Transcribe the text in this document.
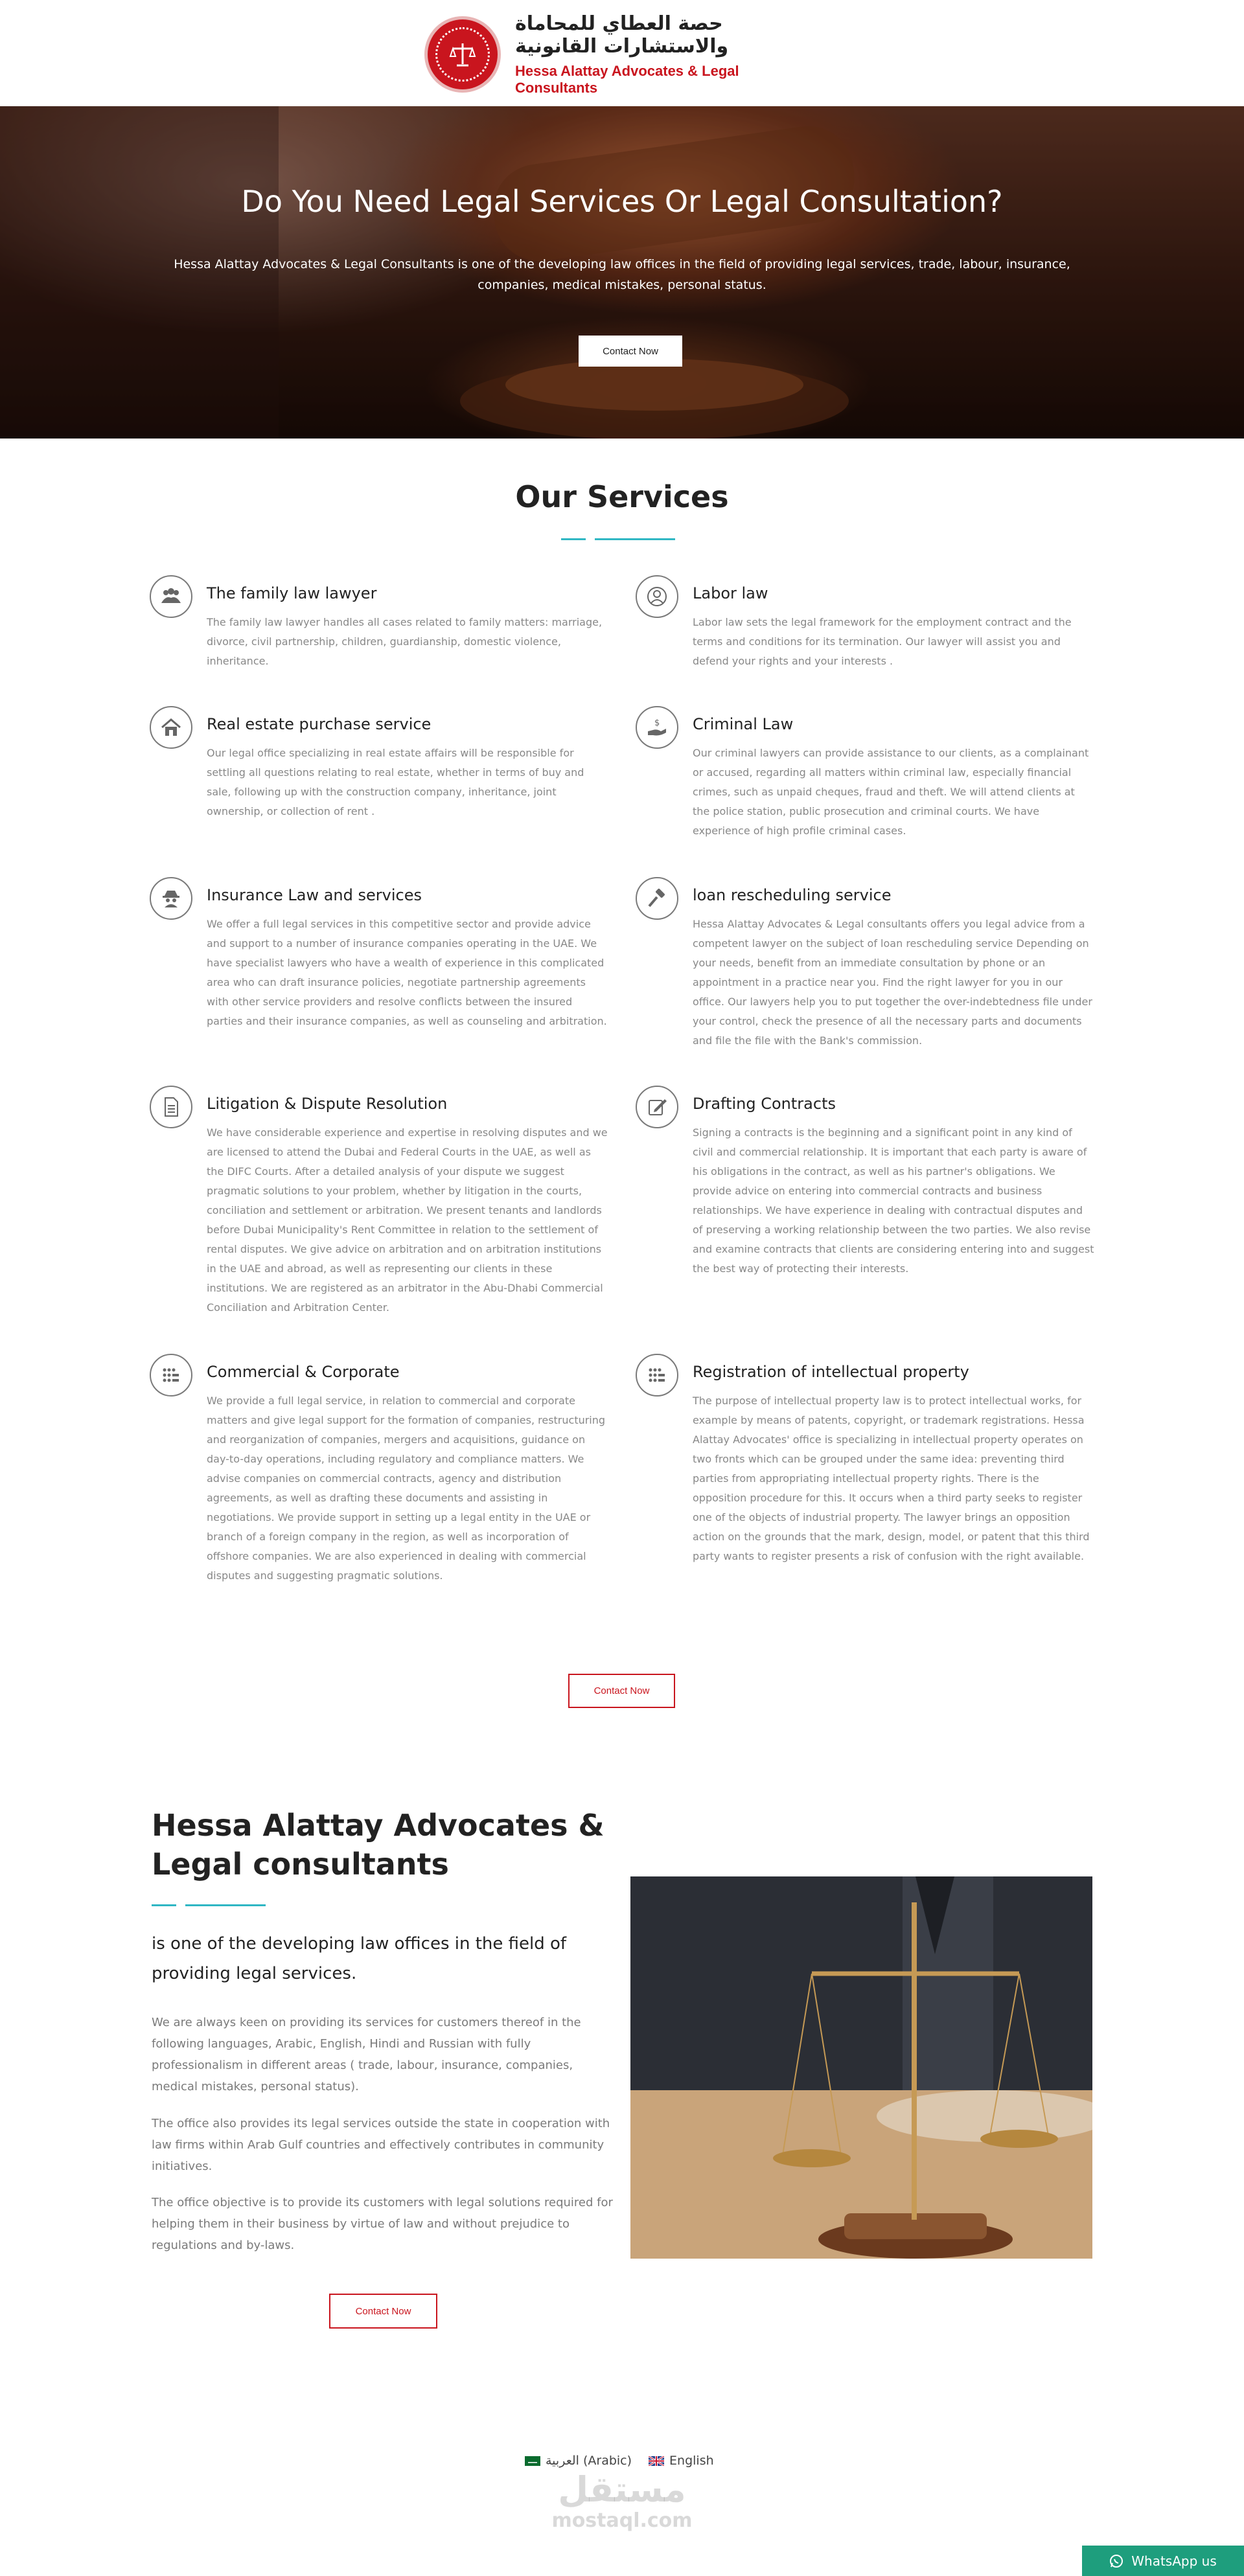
حصة العطاي للمحاماة والاستشارات القانونية
Hessa Alattay Advocates & Legal Consultants
Do You Need Legal Services Or Legal Consultation?

Hessa Alattay Advocates & Legal Consultants is one of the developing law offices in the field of providing legal services, trade, labour, insurance, companies, medical mistakes, personal status.

Contact Now
Our Services
The family law lawyer
The family law lawyer handles all cases related to family matters: marriage, divorce, civil partnership, children, guardianship, domestic violence, inheritance.
Labor law
Labor law sets the legal framework for the employment contract and the terms and conditions for its termination. Our lawyer will assist you and defend your rights and your interests .
Real estate purchase service
Our legal office specializing in real estate affairs will be responsible for settling all questions relating to real estate, whether in terms of buy and sale, following up with the construction company, inheritance, joint ownership, or collection of rent .
$ Criminal Law
Our criminal lawyers can provide assistance to our clients, as a complainant or accused, regarding all matters within criminal law, especially financial crimes, such as unpaid cheques, fraud and theft. We will attend clients at the police station, public prosecution and criminal courts. We have experience of high profile criminal cases.
Insurance Law and services
We offer a full legal services in this competitive sector and provide advice and support to a number of insurance companies operating in the UAE. We have specialist lawyers who have a wealth of experience in this complicated area who can draft insurance policies, negotiate partnership agreements with other service providers and resolve conflicts between the insured parties and their insurance companies, as well as counseling and arbitration.
loan rescheduling service
Hessa Alattay Advocates & Legal consultants offers you legal advice from a competent lawyer on the subject of loan rescheduling service Depending on your needs, benefit from an immediate consultation by phone or an appointment in a practice near you. Find the right lawyer for you in our office. Our lawyers help you to put together the over-indebtedness file under your control, check the presence of all the necessary parts and documents and file the file with the Bank's commission.
Litigation & Dispute Resolution
We have considerable experience and expertise in resolving disputes and we are licensed to attend the Dubai and Federal Courts in the UAE, as well as the DIFC Courts. After a detailed analysis of your dispute we suggest pragmatic solutions to your problem, whether by litigation in the courts, conciliation and settlement or arbitration. We present tenants and landlords before Dubai Municipality's Rent Committee in relation to the settlement of rental disputes. We give advice on arbitration and on arbitration institutions in the UAE and abroad, as well as representing our clients in these institutions. We are registered as an arbitrator in the Abu-Dhabi Commercial Conciliation and Arbitration Center.
Drafting Contracts
Signing a contracts is the beginning and a significant point in any kind of civil and commercial relationship. It is important that each party is aware of his obligations in the contract, as well as his partner's obligations. We provide advice on entering into commercial contracts and business relationships. We have experience in dealing with contractual disputes and of preserving a working relationship between the two parties. We also revise and examine contracts that clients are considering entering into and suggest the best way of protecting their interests.
Commercial & Corporate
We provide a full legal service, in relation to commercial and corporate matters and give legal support for the formation of companies, restructuring and reorganization of companies, mergers and acquisitions, guidance on day-to-day operations, including regulatory and compliance matters. We advise companies on commercial contracts, agency and distribution agreements, as well as drafting these documents and assisting in negotiations. We provide support in setting up a legal entity in the UAE or branch of a foreign company in the region, as well as incorporation of offshore companies. We are also experienced in dealing with commercial disputes and suggesting pragmatic solutions.
Registration of intellectual property
The purpose of intellectual property law is to protect intellectual works, for example by means of patents, copyright, or trademark registrations. Hessa Alattay Advocates' office is specializing in intellectual property operates on two fronts which can be grouped under the same idea: preventing third parties from appropriating intellectual property rights. There is the opposition procedure for this. It occurs when a third party seeks to register one of the objects of industrial property. The lawyer brings an opposition action on the grounds that the mark, design, model, or patent that this third party wants to register presents a risk of confusion with the right available.
Contact Now
Hessa Alattay Advocates & Legal consultants

is one of the developing law offices in the field of providing legal services.

We are always keen on providing its services for customers thereof in the following languages, Arabic, English, Hindi and Russian with fully professionalism in different areas ( trade, labour, insurance, companies, medical mistakes, personal status).

The office also provides its legal services outside the state in cooperation with law firms within Arab Gulf countries and effectively contributes in community initiatives.

The office objective is to provide its customers with legal solutions required for helping them in their business by virtue of law and without prejudice to regulations and by-laws.

Contact Now
العربية (Arabic)	English
مستقل
mostaql.com
WhatsApp us
